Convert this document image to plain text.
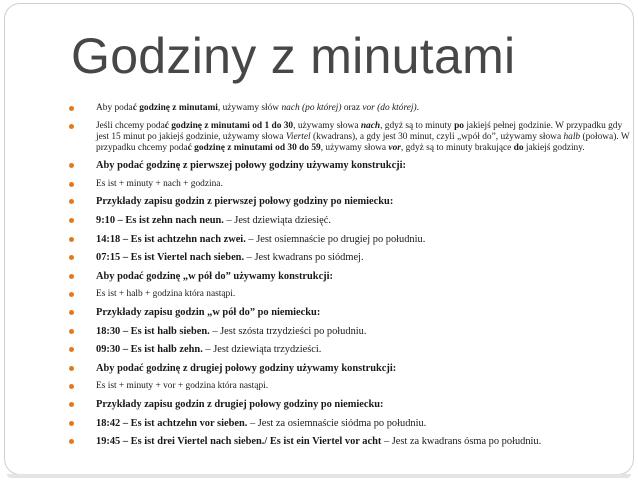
Godziny z minutami
Aby podać godzinę z minutami, używamy słów nach (po której) oraz vor (do której).
Jeśli chcemy podać godzinę z minutami od 1 do 30, używamy słowa nach, gdyż są to minuty po jakiejś pełnej godzinie. W przypadku gdy jest 15 minut po jakiejś godzinie, używamy słowa Viertel (kwadrans), a gdy jest 30 minut, czyli „wpół do”, używamy słowa halb (połowa). W przypadku chcemy podać godzinę z minutami od 30 do 59, używamy słowa vor, gdyż są to minuty brakujące do jakiejś godziny.
Aby podać godzinę z pierwszej połowy godziny używamy konstrukcji:
Es ist + minuty + nach + godzina.
Przykłady zapisu godzin z pierwszej połowy godziny po niemiecku:
9:10 – Es ist zehn nach neun. – Jest dziewiąta dziesięć.
14:18 – Es ist achtzehn nach zwei. – Jest osiemnaście po drugiej po południu.
07:15 – Es ist Viertel nach sieben. – Jest kwadrans po siódmej.
Aby podać godzinę „w pół do” używamy konstrukcji:
Es ist + halb + godzina która nastąpi.
Przykłady zapisu godzin „w pół do” po niemiecku:
18:30 – Es ist halb sieben. – Jest szósta trzydzieści po południu.
09:30 – Es ist halb zehn. – Jest dziewiąta trzydzieści.
Aby podać godzinę z drugiej połowy godziny używamy konstrukcji:
Es ist + minuty + vor + godzina która nastąpi.
Przykłady zapisu godzin z drugiej połowy godziny po niemiecku:
18:42 – Es ist achtzehn vor sieben. – Jest za osiemnaście siódma po południu.
19:45 – Es ist drei Viertel nach sieben./ Es ist ein Viertel vor acht – Jest za kwadrans ósma po południu.
